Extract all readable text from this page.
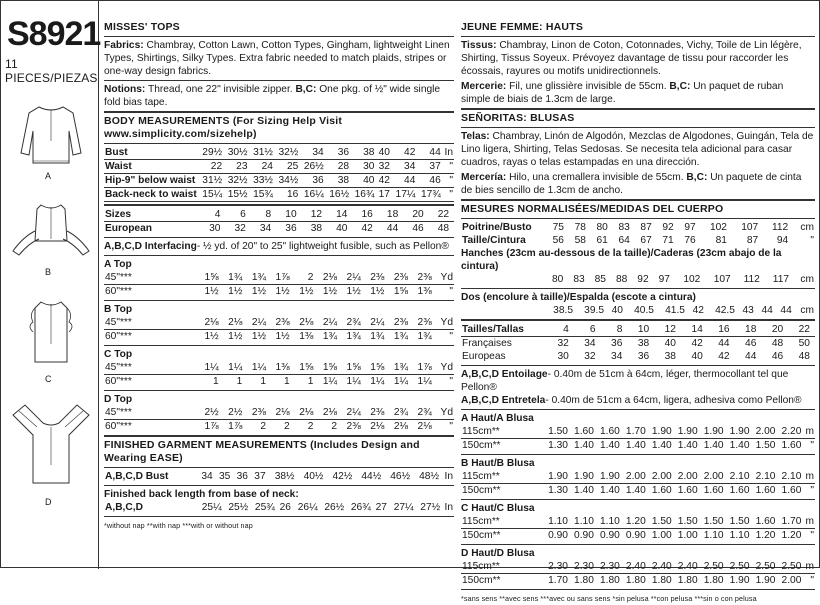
S8921
11 PIECES/PIEZAS
A
B
C
D
MISSES' TOPS
Fabrics: Chambray, Cotton Lawn, Cotton Types, Gingham, lightweight Linen Types, Shirtings, Silky Types. Extra fabric needed to match plaids, stripes or one-way design fabrics.
Notions: Thread, one 22" invisible zipper. B,C: One pkg. of ½" wide single fold bias tape.
BODY MEASUREMENTS (For Sizing Help Visit www.simplicity.com/sizehelp)
Bust	29½	30½	31½	32½	34	36	38	40	42	44	In
Waist	22	23	24	25	26½	28	30	32	34	37	"
Hip-9" below waist	31½	32½	33½	34½	36	38	40	42	44	46	"
Back-neck to waist	15¼	15½	15¾	16	16¼	16½	16¾	17	17¼	17¾	"
Sizes	4	6	8	10	12	14	16	18	20	22	
European	30	32	34	36	38	40	42	44	46	48	
A,B,C,D Interfacing- ½ yd. of 20" to 25" lightweight fusible, such as Pellon®
A Top
45"***	1⅝	1¾	1¾	1⅞	2	2⅛	2¼	2⅜	2⅜	2⅜	Yd
60"***	1½	1½	1½	1½	1½	1½	1½	1½	1⅝	1⅜	"
B Top
45"***	2⅛	2⅛	2¼	2⅜	2⅛	2¼	2¾	2¼	2⅜	2⅜	Yd
60"***	1½	1½	1½	1½	1⅜	1¾	1¾	1¾	1¾	1¾	"
C Top
45"***	1¼	1¼	1¼	1⅜	1⅝	1⅝	1⅝	1⅝	1¾	1⅞	Yd
60"***	1	1	1	1	1	1¼	1¼	1¼	1¼	1¼	"
D Top
45"***	2½	2½	2⅜	2⅛	2⅛	2⅛	2¼	2⅜	2¾	2¾	Yd
60"***	1⅞	1⅞	2	2	2	2	2⅜	2⅛	2⅛	2⅛	"
FINISHED GARMENT MEASUREMENTS (Includes Design and Wearing EASE)
A,B,C,D Bust	34	35	36	37	38½	40½	42½	44½	46½	48½	In
Finished back length from base of neck:
A,B,C,D	25¼	25½	25¾	26	26¼	26½	26¾	27	27¼	27½	In
*without nap **with nap ***with or without nap
JEUNE FEMME: HAUTS
Tissus: Chambray, Linon de Coton, Cotonnades, Vichy, Toile de Lin légère, Shirting, Tissus Soyeux. Prévoyez davantage de tissu pour raccorder les écossais, rayures ou motifs unidirectionnels.
Mercerie: Fil, une glissière invisible de 55cm. B,C: Un paquet de ruban simple de biais de 1.3cm de large.
SEÑORITAS: BLUSAS
Telas: Chambray, Linón de Algodón, Mezclas de Algodones, Guingán, Tela de Lino ligera, Shirting, Telas Sedosas. Se necesita tela adicional para casar cuadros, rayas o telas estampadas en una dirección.
Mercería: Hilo, una cremallera invisible de 55cm. B,C: Un paquete de cinta de bies sencillo de 1.3cm de ancho.
MESURES NORMALISÉES/MEDIDAS DEL CUERPO
Poitrine/Busto	75	78	80	83	87	92	97	102	107	112	cm
Taille/Cintura	56	58	61	64	67	71	76	81	87	94	"
Hanches (23cm au-dessous de la taille)/Caderas (23cm abajo de la cintura)
	80	83	85	88	92	97	102	107	112	117	cm
Dos (encolure à taille)/Espalda (escote a cintura)
	38.5	39.5	40	40.5	41.5	42	42.5	43	44	44	cm
Tailles/Tallas	4	6	8	10	12	14	16	18	20	22	
Françaises	32	34	36	38	40	42	44	46	48	50	
Europeas	30	32	34	36	38	40	42	44	46	48	
A,B,C,D Entoilage- 0.40m de 51cm à 64cm, léger, thermocollant tel que Pellon®
A,B,C,D Entretela- 0.40m de 51cm a 64cm, ligera, adhesiva como Pellon®
A Haut/A Blusa
115cm**	1.50	1.60	1.60	1.70	1.90	1.90	1.90	1.90	2.00	2.20	m
150cm**	1.30	1.40	1.40	1.40	1.40	1.40	1.40	1.40	1.50	1.60	"
B Haut/B Blusa
115cm**	1.90	1.90	1.90	2.00	2.00	2.00	2.00	2.10	2.10	2.10	m
150cm**	1.30	1.40	1.40	1.40	1.60	1.60	1.60	1.60	1.60	1.60	"
C Haut/C Blusa
115cm**	1.10	1.10	1.10	1.20	1.50	1.50	1.50	1.50	1.60	1.70	m
150cm**	0.90	0.90	0.90	0.90	1.00	1.00	1.10	1.10	1.20	1.20	"
D Haut/D Blusa
115cm**	2.30	2.30	2.30	2.40	2.40	2.40	2.50	2.50	2.50	2.50	m
150cm**	1.70	1.80	1.80	1.80	1.80	1.80	1.80	1.90	1.90	2.00	"
*sans sens **avec sens ***avec ou sans sens *sin pelusa **con pelusa ***sin o con pelusa
